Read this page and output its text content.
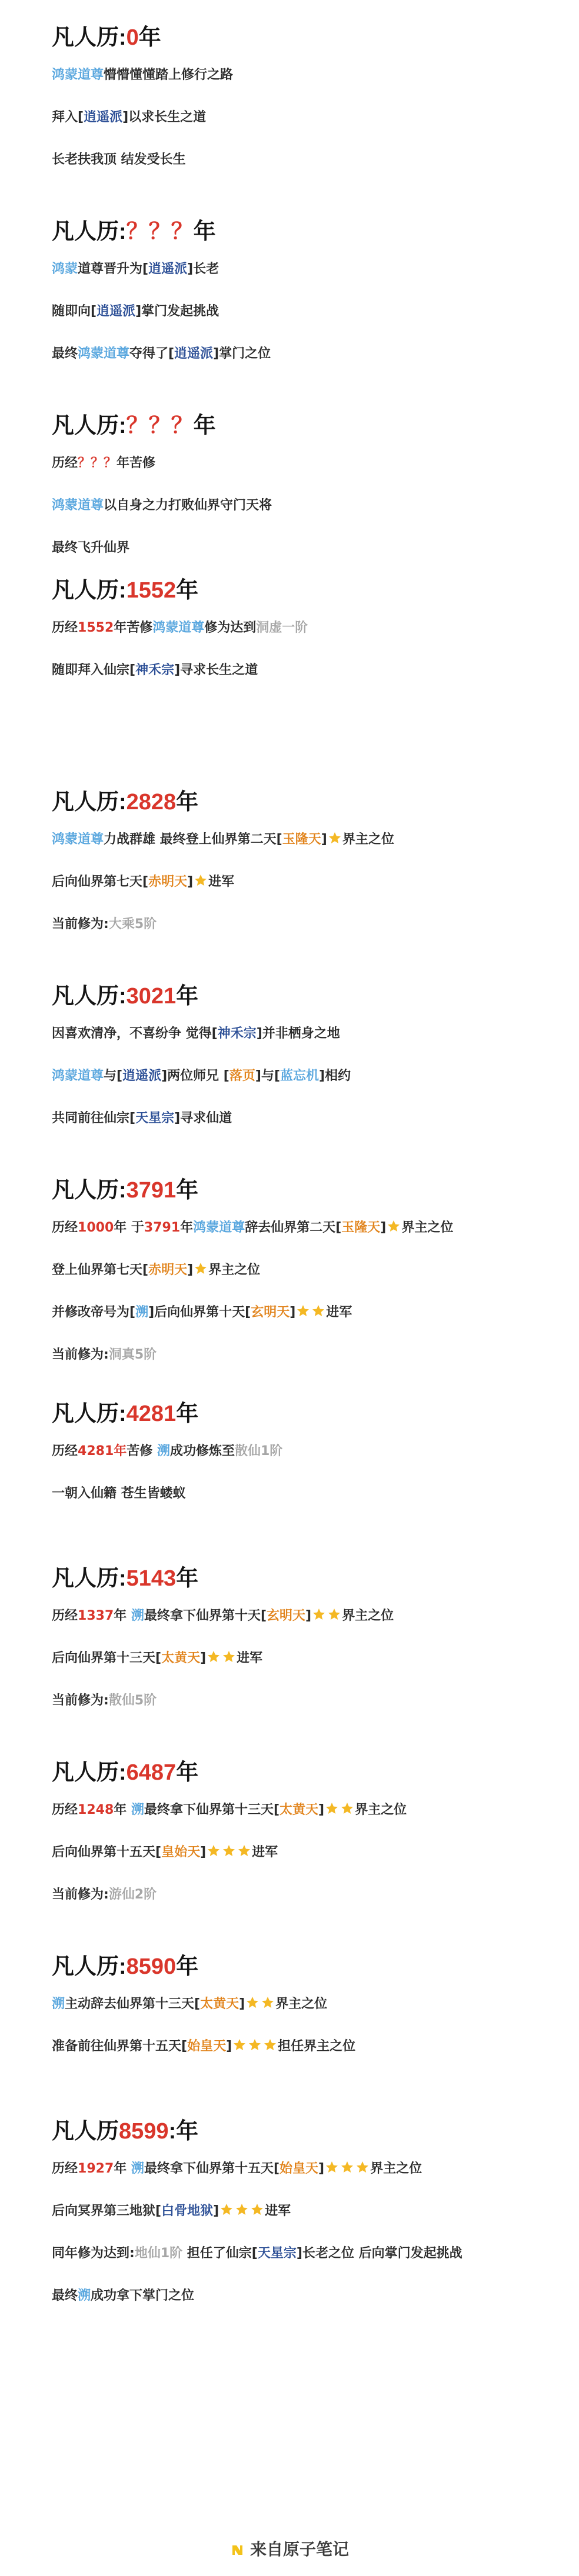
凡人历: 0 年
鸿蒙道尊懵懵懂懂踏上修行之路
拜入[逍遥派]以求长生之道
长老扶我顶 结发受长生
凡人历: ？？？ 年
鸿蒙道尊晋升为[逍遥派]长老
随即向[逍遥派]掌门发起挑战
最终鸿蒙道尊夺得了[逍遥派]掌门之位
凡人历: ？？？ 年
历经？？？年苦修
鸿蒙道尊以自身之力打败仙界守门天将
最终飞升仙界
凡人历: 1552 年
历经1552年苦修鸿蒙道尊修为达到洞虚一阶
随即拜入仙宗[神禾宗]寻求长生之道
凡人历: 2828 年
鸿蒙道尊力战群雄 最终登上仙界第二天[玉隆天] 界主之位
后向仙界第七天[赤明天] 进军
当前修为:大乘5阶
凡人历: 3021 年
因喜欢清净，不喜纷争 觉得[神禾宗]并非栖身之地
鸿蒙道尊与[逍遥派]两位师兄 [落页]与[蓝忘机]相约
共同前往仙宗[天星宗]寻求仙道
凡人历: 3791 年
历经1000年 于3791年鸿蒙道尊辞去仙界第二天[玉隆天] 界主之位
登上仙界第七天[赤明天] 界主之位
并修改帝号为[溯]后向仙界第十天[玄明天] 进军
当前修为:洞真5阶
凡人历: 4281 年
历经4281年苦修 溯成功修炼至散仙1阶
一朝入仙籍 苍生皆蝼蚁
凡人历: 5143 年
历经1337年 溯最终拿下仙界第十天[玄明天] 界主之位
后向仙界第十三天[太黄天] 进军
当前修为:散仙5阶
凡人历: 6487 年
历经1248年 溯最终拿下仙界第十三天[太黄天] 界主之位
后向仙界第十五天[皇始天]	进军
当前修为:游仙2阶
凡人历: 8590 年
溯主动辞去仙界第十三天[太黄天] 界主之位
准备前往仙界第十五天[始皇天]	担任界主之位
凡人历 8599 :年
历经1927年 溯最终拿下仙界第十五天[始皇天]	界主之位
后向冥界第三地狱[白骨地狱]	进军
同年修为达到:地仙1阶 担任了仙宗[天星宗]长老之位 后向掌门发起挑战
最终溯成功拿下掌门之位
来自原子笔记
